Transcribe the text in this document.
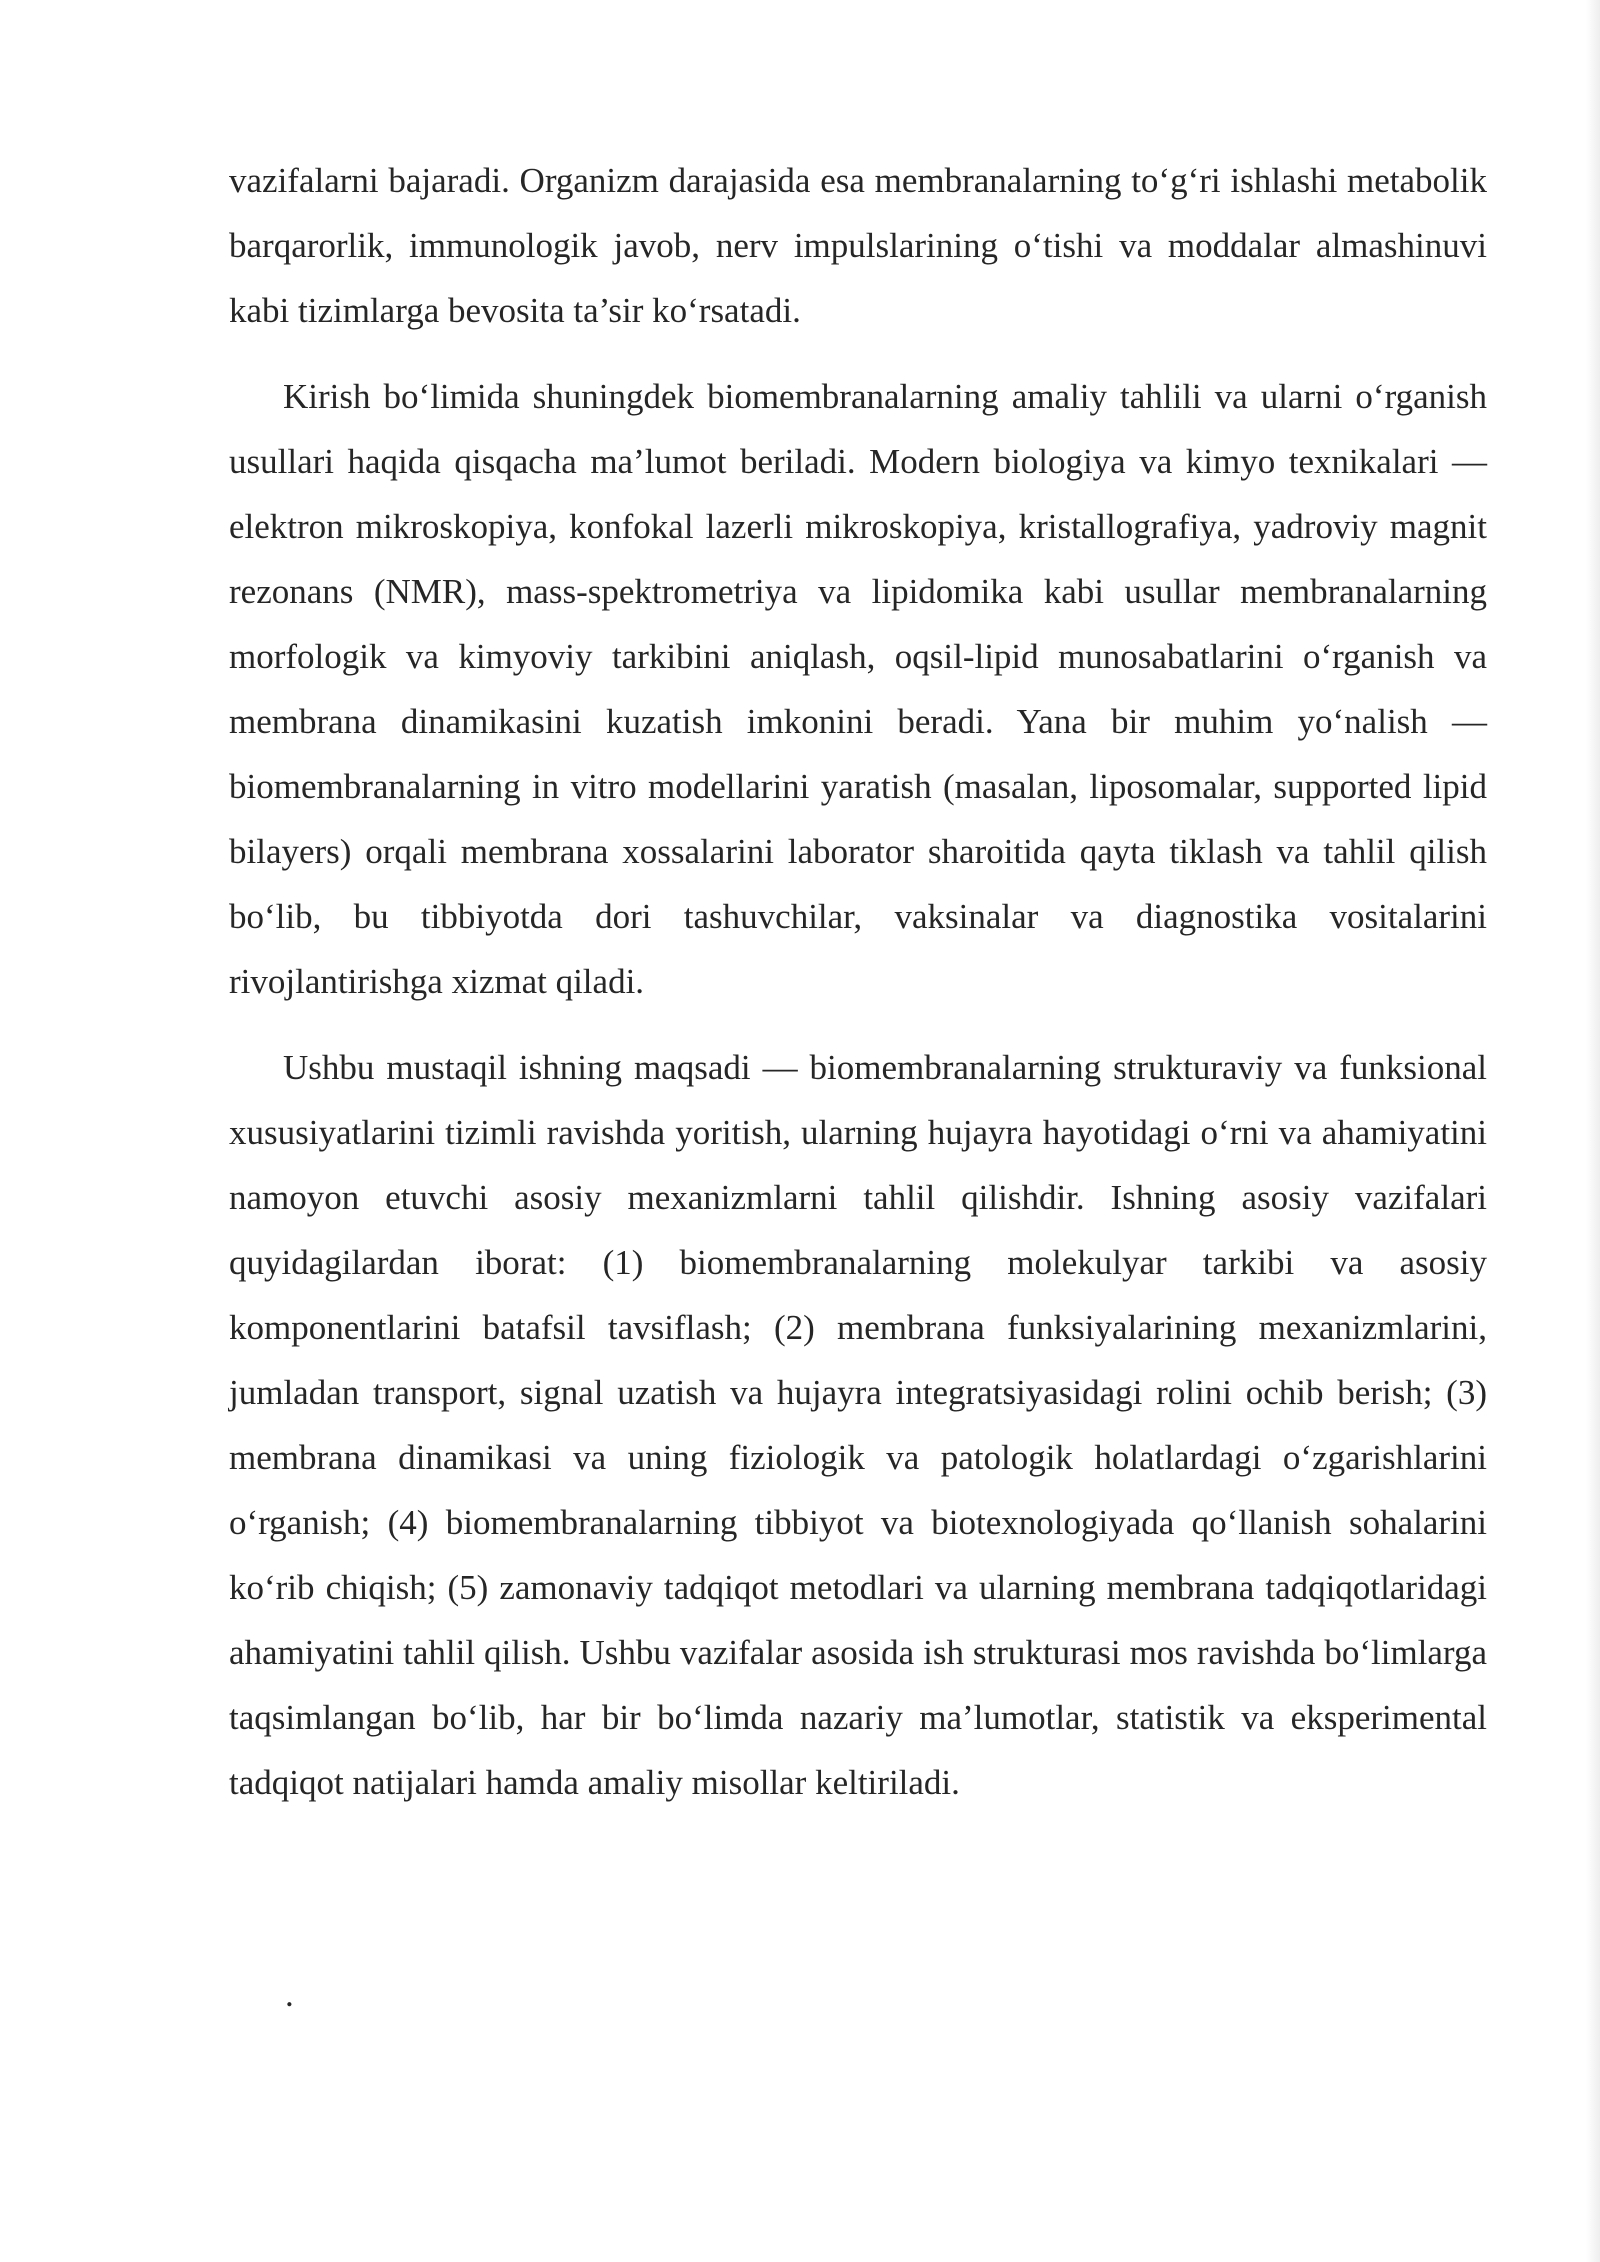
vazifalarni bajaradi. Organizm darajasida esa membranalarning to‘g‘ri ishlashi metabolik barqarorlik, immunologik javob, nerv impulslarining o‘tishi va moddalar almashinuvi kabi tizimlarga bevosita ta’sir ko‘rsatadi.

Kirish bo‘limida shuningdek biomembranalarning amaliy tahlili va ularni o‘rganish usullari haqida qisqacha ma’lumot beriladi. Modern biologiya va kimyo texnikalari — elektron mikroskopiya, konfokal lazerli mikroskopiya, kristallografiya, yadroviy magnit rezonans (NMR), mass-spektrometriya va lipidomika kabi usullar membranalarning morfologik va kimyoviy tarkibini aniqlash, oqsil-lipid munosabatlarini o‘rganish va membrana dinamikasini kuzatish imkonini beradi. Yana bir muhim yo‘nalish — biomembranalarning in vitro modellarini yaratish (masalan, liposomalar, supported lipid bilayers) orqali membrana xossalarini laborator sharoitida qayta tiklash va tahlil qilish bo‘lib, bu tibbiyotda dori tashuvchilar, vaksinalar va diagnostika vositalarini rivojlantirishga xizmat qiladi.

Ushbu mustaqil ishning maqsadi — biomembranalarning strukturaviy va funksional xususiyatlarini tizimli ravishda yoritish, ularning hujayra hayotidagi o‘rni va ahamiyatini namoyon etuvchi asosiy mexanizmlarni tahlil qilishdir. Ishning asosiy vazifalari quyidagilardan iborat: (1) biomembranalarning molekulyar tarkibi va asosiy komponentlarini batafsil tavsiflash; (2) membrana funksiyalarining mexanizmlarini, jumladan transport, signal uzatish va hujayra integratsiyasidagi rolini ochib berish; (3) membrana dinamikasi va uning fiziologik va patologik holatlardagi o‘zgarishlarini o‘rganish; (4) biomembranalarning tibbiyot va biotexnologiyada qo‘llanish sohalarini ko‘rib chiqish; (5) zamonaviy tadqiqot metodlari va ularning membrana tadqiqotlaridagi ahamiyatini tahlil qilish. Ushbu vazifalar asosida ish strukturasi mos ravishda bo‘limlarga taqsimlangan bo‘lib, har bir bo‘limda nazariy ma’lumotlar, statistik va eksperimental tadqiqot natijalari hamda amaliy misollar keltiriladi.

.
